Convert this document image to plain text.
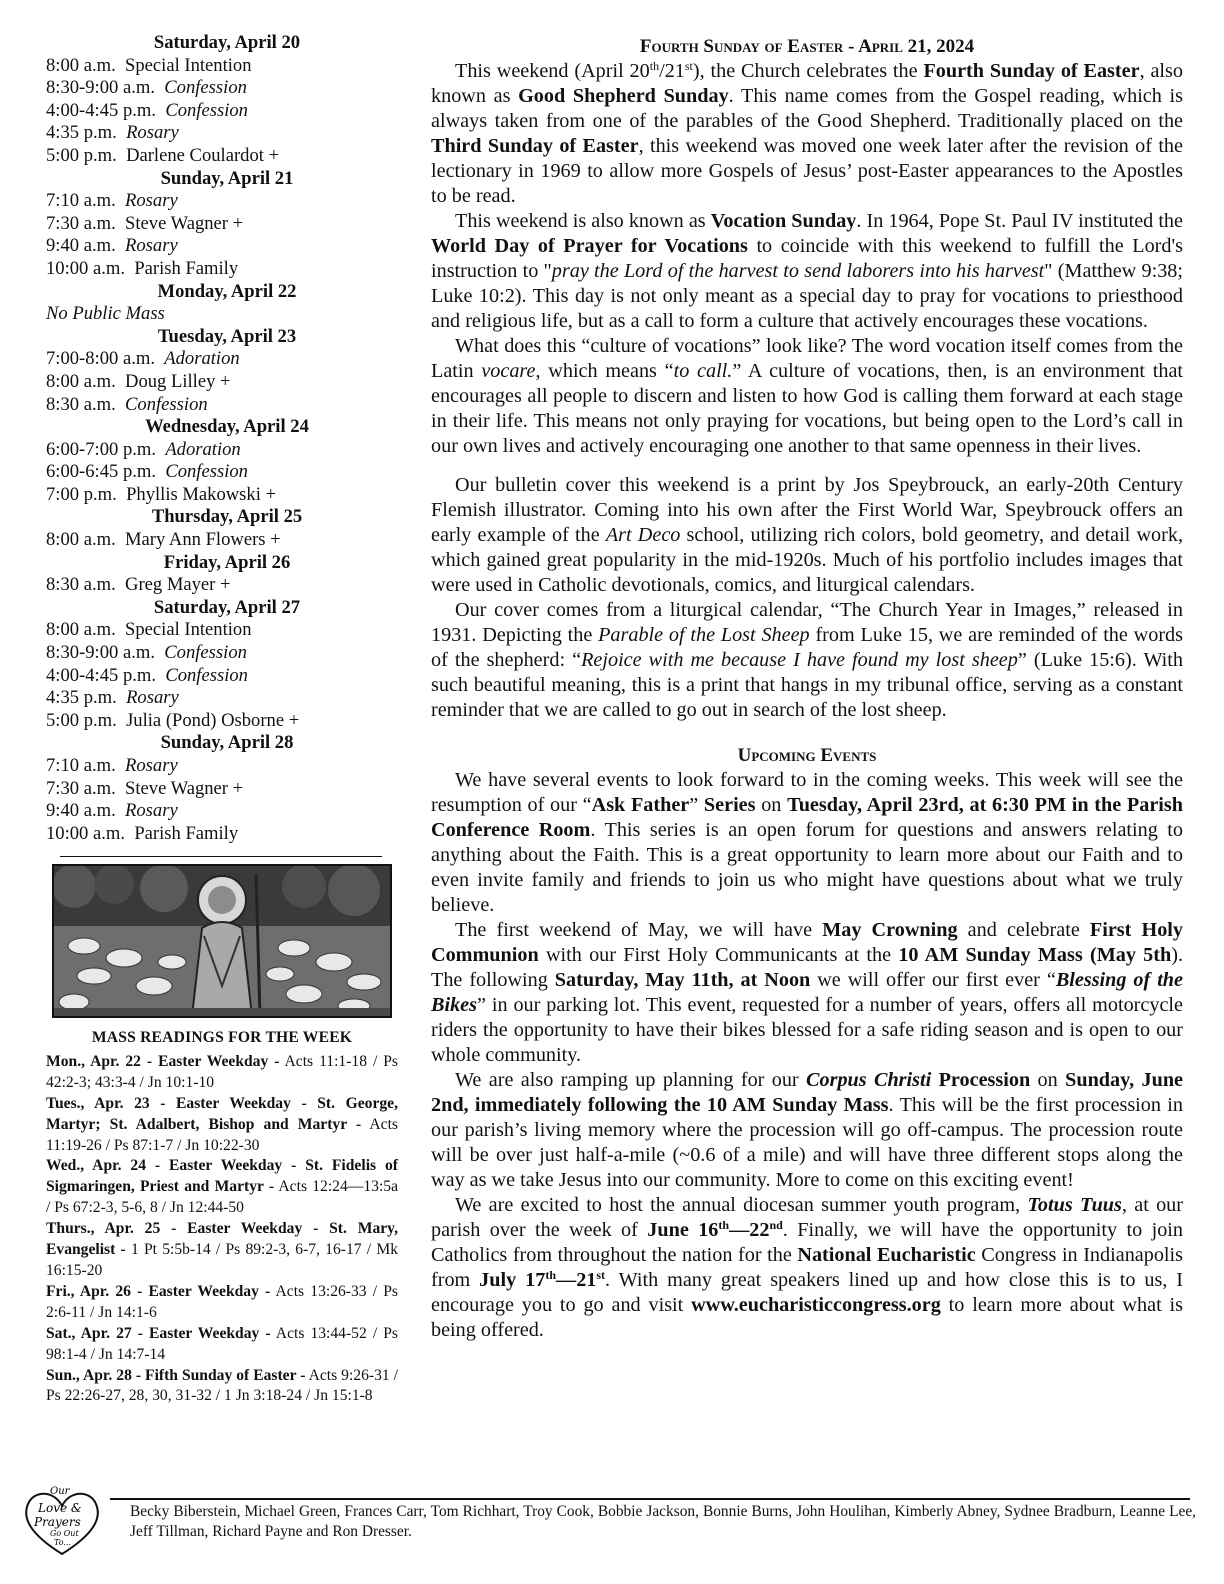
Saturday, April 20
8:00 a.m.  Special Intention
8:30-9:00 a.m.  Confession
4:00-4:45 p.m.  Confession
4:35 p.m.  Rosary
5:00 p.m.  Darlene Coulardot +
Sunday, April 21
7:10 a.m.  Rosary
7:30 a.m.  Steve Wagner +
9:40 a.m.  Rosary
10:00 a.m.  Parish Family
Monday, April 22
No Public Mass
Tuesday, April 23
7:00-8:00 a.m.  Adoration
8:00 a.m.  Doug Lilley +
8:30 a.m.  Confession
Wednesday, April 24
6:00-7:00 p.m.  Adoration
6:00-6:45 p.m.  Confession
7:00 p.m.  Phyllis Makowski +
Thursday, April 25
8:00 a.m.  Mary Ann Flowers +
Friday, April 26
8:30 a.m.  Greg Mayer +
Saturday, April 27
8:00 a.m.  Special Intention
8:30-9:00 a.m.  Confession
4:00-4:45 p.m.  Confession
4:35 p.m.  Rosary
5:00 p.m.  Julia (Pond) Osborne +
Sunday, April 28
7:10 a.m.  Rosary
7:30 a.m.  Steve Wagner +
9:40 a.m.  Rosary
10:00 a.m.  Parish Family
MASS READINGS FOR THE WEEK
Mon., Apr. 22 - Easter Weekday - Acts 11:1-18 / Ps 42:2-3; 43:3-4 / Jn 10:1-10
Tues., Apr. 23 - Easter Weekday - St. George, Martyr; St. Adalbert, Bishop and Martyr - Acts 11:19-26 / Ps 87:1-7 / Jn 10:22-30
Wed., Apr. 24 - Easter Weekday - St. Fidelis of Sigmaringen, Priest and Martyr - Acts 12:24—13:5a / Ps 67:2-3, 5-6, 8 / Jn 12:44-50
Thurs., Apr. 25 - Easter Weekday - St. Mary, Evangelist - 1 Pt 5:5b-14 / Ps 89:2-3, 6-7, 16-17 / Mk 16:15-20
Fri., Apr. 26 - Easter Weekday - Acts 13:26-33 / Ps 2:6-11 / Jn 14:1-6
Sat., Apr. 27 - Easter Weekday - Acts 13:44-52 / Ps 98:1-4 / Jn 14:7-14
Sun., Apr. 28 - Fifth Sunday of Easter - Acts 9:26-31 / Ps 22:26-27, 28, 30, 31-32 / 1 Jn 3:18-24 / Jn 15:1-8

Fourth Sunday of Easter - April 21, 2024

This weekend (April 20th/21st), the Church celebrates the Fourth Sunday of Easter, also known as Good Shepherd Sunday. This name comes from the Gospel reading, which is always taken from one of the parables of the Good Shepherd. Traditionally placed on the Third Sunday of Easter, this weekend was moved one week later after the revision of the lectionary in 1969 to allow more Gospels of Jesus’ post-Easter appearances to the Apostles to be read.

This weekend is also known as Vocation Sunday. In 1964, Pope St. Paul IV instituted the World Day of Prayer for Vocations to coincide with this weekend to fulfill the Lord's instruction to "pray the Lord of the harvest to send laborers into his harvest" (Matthew 9:38; Luke 10:2). This day is not only meant as a special day to pray for vocations to priesthood and religious life, but as a call to form a culture that actively encourages these vocations.

What does this “culture of vocations” look like? The word vocation itself comes from the Latin vocare, which means “to call.” A culture of vocations, then, is an environment that encourages all people to discern and listen to how God is calling them forward at each stage in their life. This means not only praying for vocations, but being open to the Lord’s call in our own lives and actively encouraging one another to that same openness in their lives.

Our bulletin cover this weekend is a print by Jos Speybrouck, an early-20th Century Flemish illustrator. Coming into his own after the First World War, Speybrouck offers an early example of the Art Deco school, utilizing rich colors, bold geometry, and detail work, which gained great popularity in the mid-1920s. Much of his portfolio includes images that were used in Catholic devotionals, comics, and liturgical calendars.

Our cover comes from a liturgical calendar, “The Church Year in Images,” released in 1931. Depicting the Parable of the Lost Sheep from Luke 15, we are reminded of the words of the shepherd: “Rejoice with me because I have found my lost sheep” (Luke 15:6). With such beautiful meaning, this is a print that hangs in my tribunal office, serving as a constant reminder that we are called to go out in search of the lost sheep.

Upcoming Events

We have several events to look forward to in the coming weeks. This week will see the resumption of our “Ask Father” Series on Tuesday, April 23rd, at 6:30 PM in the Parish Conference Room. This series is an open forum for questions and answers relating to anything about the Faith. This is a great opportunity to learn more about our Faith and to even invite family and friends to join us who might have questions about what we truly believe.

The first weekend of May, we will have May Crowning and celebrate First Holy Communion with our First Holy Communicants at the 10 AM Sunday Mass (May 5th). The following Saturday, May 11th, at Noon we will offer our first ever “Blessing of the Bikes” in our parking lot. This event, requested for a number of years, offers all motorcycle riders the opportunity to have their bikes blessed for a safe riding season and is open to our whole community.

We are also ramping up planning for our Corpus Christi Procession on Sunday, June 2nd, immediately following the 10 AM Sunday Mass. This will be the first procession in our parish’s living memory where the procession will go off-campus. The procession route will be over just half-a-mile (~0.6 of a mile) and will have three different stops along the way as we take Jesus into our community. More to come on this exciting event!

We are excited to host the annual diocesan summer youth program, Totus Tuus, at our parish over the week of June 16th—22nd. Finally, we will have the opportunity to join Catholics from throughout the nation for the National Eucharistic Congress in Indianapolis from July 17th—21st. With many great speakers lined up and how close this is to us, I encourage you to go and visit www.eucharisticcongress.org to learn more about what is being offered.

Our
Love &
Prayers
Go Out
To...
Becky Biberstein, Michael Green, Frances Carr, Tom Richhart, Troy Cook, Bobbie Jackson, Bonnie Burns, John Houlihan, Kimberly Abney, Sydnee Bradburn, Leanne Lee, Jeff Tillman, Richard Payne and Ron Dresser.
